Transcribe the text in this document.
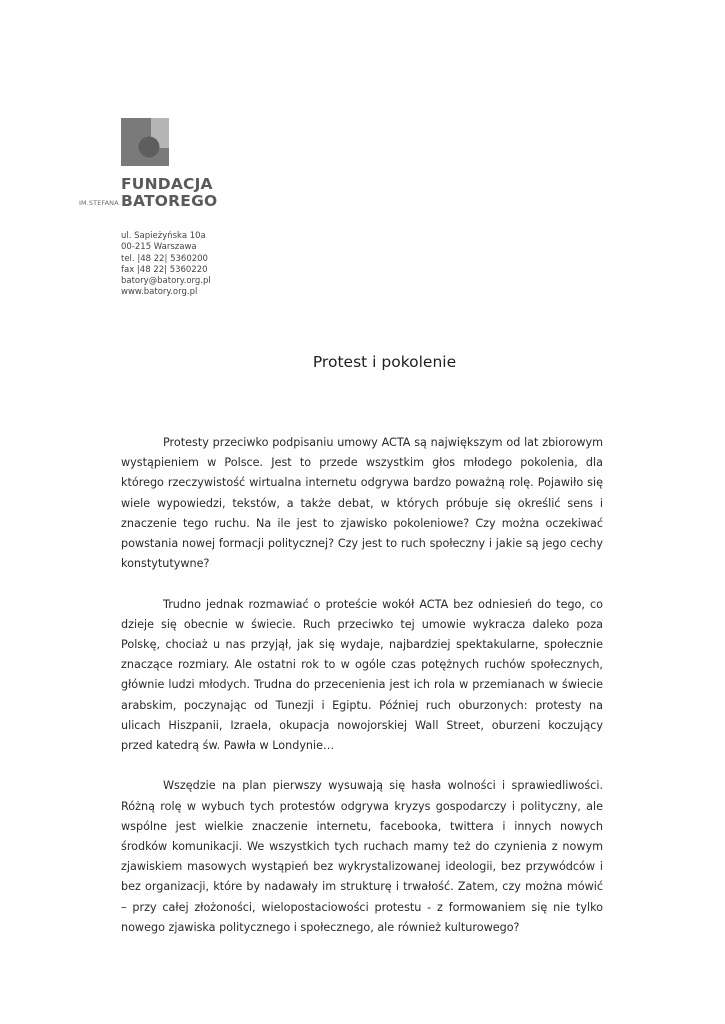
FUNDACJA
IM.STEFANA BATOREGO
ul. Sapieżyńska 10a
00-215 Warszawa
tel. |48 22| 5360200
fax |48 22| 5360220
batory@batory.org.pl
www.batory.org.pl
Protest i pokolenie

Protesty przeciwko podpisaniu umowy ACTA są największym od lat zbiorowym wystąpieniem w Polsce. Jest to przede wszystkim głos młodego pokolenia, dla którego rzeczywistość wirtualna internetu odgrywa bardzo poważną rolę. Pojawiło się wiele wypowiedzi, tekstów, a także debat, w których próbuje się określić sens i znaczenie tego ruchu. Na ile jest to zjawisko pokoleniowe? Czy można oczekiwać powstania nowej formacji politycznej? Czy jest to ruch społeczny i jakie są jego cechy konstytutywne?

Trudno jednak rozmawiać o proteście wokół ACTA bez odniesień do tego, co dzieje się obecnie w świecie. Ruch przeciwko tej umowie wykracza daleko poza Polskę, chociaż u nas przyjął, jak się wydaje, najbardziej spektakularne, społecznie znaczące rozmiary. Ale ostatni rok to w ogóle czas potężnych ruchów społecznych, głównie ludzi młodych. Trudna do przecenienia jest ich rola w przemianach w świecie arabskim, poczynając od Tunezji i Egiptu. Później ruch oburzonych: protesty na ulicach Hiszpanii, Izraela, okupacja nowojorskiej Wall Street, oburzeni koczujący przed katedrą św. Pawła w Londynie…

Wszędzie na plan pierwszy wysuwają się hasła wolności i sprawiedliwości. Różną rolę w wybuch tych protestów odgrywa kryzys gospodarczy i polityczny, ale wspólne jest wielkie znaczenie internetu, facebooka, twittera i innych nowych środków komunikacji. We wszystkich tych ruchach mamy też do czynienia z nowym zjawiskiem masowych wystąpień bez wykrystalizowanej ideologii, bez przywódców i bez organizacji, które by nadawały im strukturę i trwałość. Zatem, czy można mówić – przy całej złożoności, wielopostaciowości protestu - z formowaniem się nie tylko nowego zjawiska politycznego i społecznego, ale również kulturowego?
